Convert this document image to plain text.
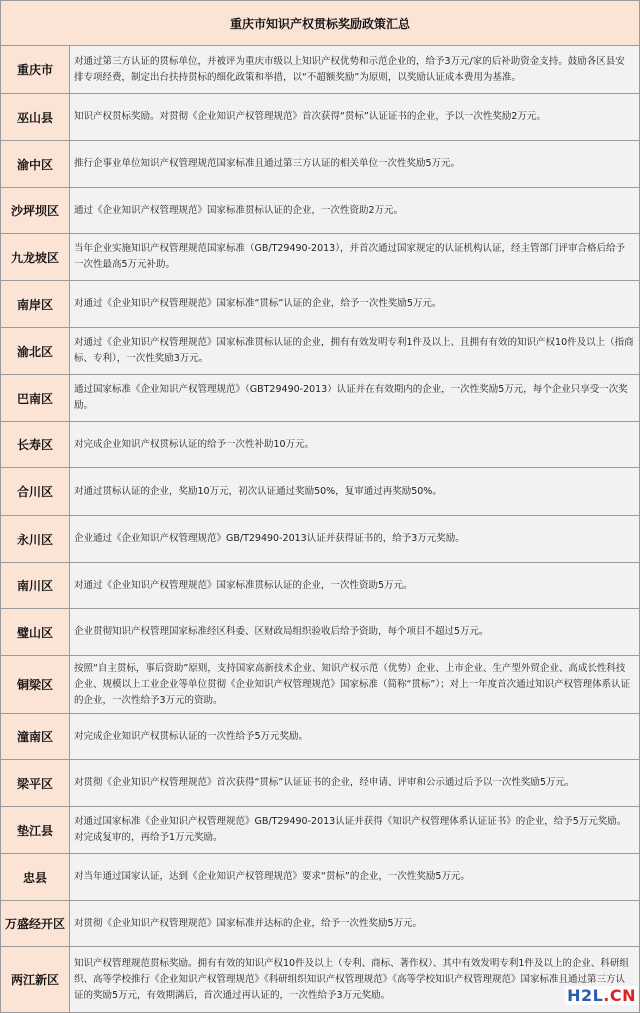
重庆市知识产权贯标奖励政策汇总
重庆市	对通过第三方认证的贯标单位，并被评为重庆市级以上知识产权优势和示范企业的，给予3万元/家的后补助资金支持。鼓励各区县安排专项经费，制定出台扶持贯标的细化政策和举措，以“不超额奖励”为原则，以奖励认证成本费用为基准。
巫山县	知识产权贯标奖励。对贯彻《企业知识产权管理规范》首次获得“贯标”认证证书的企业，予以一次性奖励2万元。
渝中区	推行企事业单位知识产权管理规范国家标准且通过第三方认证的相关单位一次性奖励5万元。
沙坪坝区	通过《企业知识产权管理规范》国家标准贯标认证的企业，一次性资助2万元。
九龙坡区	当年企业实施知识产权管理规范国家标准（GB/T29490-2013），并首次通过国家规定的认证机构认证，经主管部门评审合格后给予一次性最高5万元补助。
南岸区	对通过《企业知识产权管理规范》国家标准“贯标”认证的企业，给予一次性奖励5万元。
渝北区	对通过《企业知识产权管理规范》国家标准贯标认证的企业，拥有有效发明专利1件及以上、且拥有有效的知识产权10件及以上（指商标、专利），一次性奖励3万元。
巴南区	通过国家标准《企业知识产权管理规范》（GBT29490-2013）认证并在有效期内的企业，一次性奖励5万元，每个企业只享受一次奖励。
长寿区	对完成企业知识产权贯标认证的给予一次性补助10万元。
合川区	对通过贯标认证的企业，奖励10万元，初次认证通过奖励50%，复审通过再奖励50%。
永川区	企业通过《企业知识产权管理规范》GB/T29490-2013认证并获得证书的，给予3万元奖励。
南川区	对通过《企业知识产权管理规范》国家标准贯标认证的企业，一次性资助5万元。
璧山区	企业贯彻知识产权管理国家标准经区科委、区财政局组织验收后给予资助，每个项目不超过5万元。
铜梁区	按照“自主贯标，事后资助”原则，支持国家高新技术企业、知识产权示范（优势）企业、上市企业、生产型外贸企业、高成长性科技企业、规模以上工业企业等单位贯彻《企业知识产权管理规范》国家标准（简称“贯标”）；对上一年度首次通过知识产权管理体系认证的企业，一次性给予3万元的资助。
潼南区	对完成企业知识产权贯标认证的一次性给予5万元奖励。
梁平区	对贯彻《企业知识产权管理规范》首次获得“贯标”认证证书的企业，经申请、评审和公示通过后予以一次性奖励5万元。
垫江县	对通过国家标准《企业知识产权管理规范》GB/T29490-2013认证并获得《知识产权管理体系认证证书》的企业，给予5万元奖励。对完成复审的，再给予1万元奖励。
忠县	对当年通过国家认证，达到《企业知识产权管理规范》要求“贯标”的企业，一次性奖励5万元。
万盛经开区	对贯彻《企业知识产权管理规范》国家标准并达标的企业，给予一次性奖励5万元。
两江新区	知识产权管理规范贯标奖励。拥有有效的知识产权10件及以上（专利、商标、著作权）、其中有效发明专利1件及以上的企业、科研组织、高等学校推行《企业知识产权管理规范》《科研组织知识产权管理规范》《高等学校知识产权管理规范》国家标准且通过第三方认证的奖励5万元，有效期满后，首次通过再认证的，一次性给予3万元奖励。	H2L.CN
